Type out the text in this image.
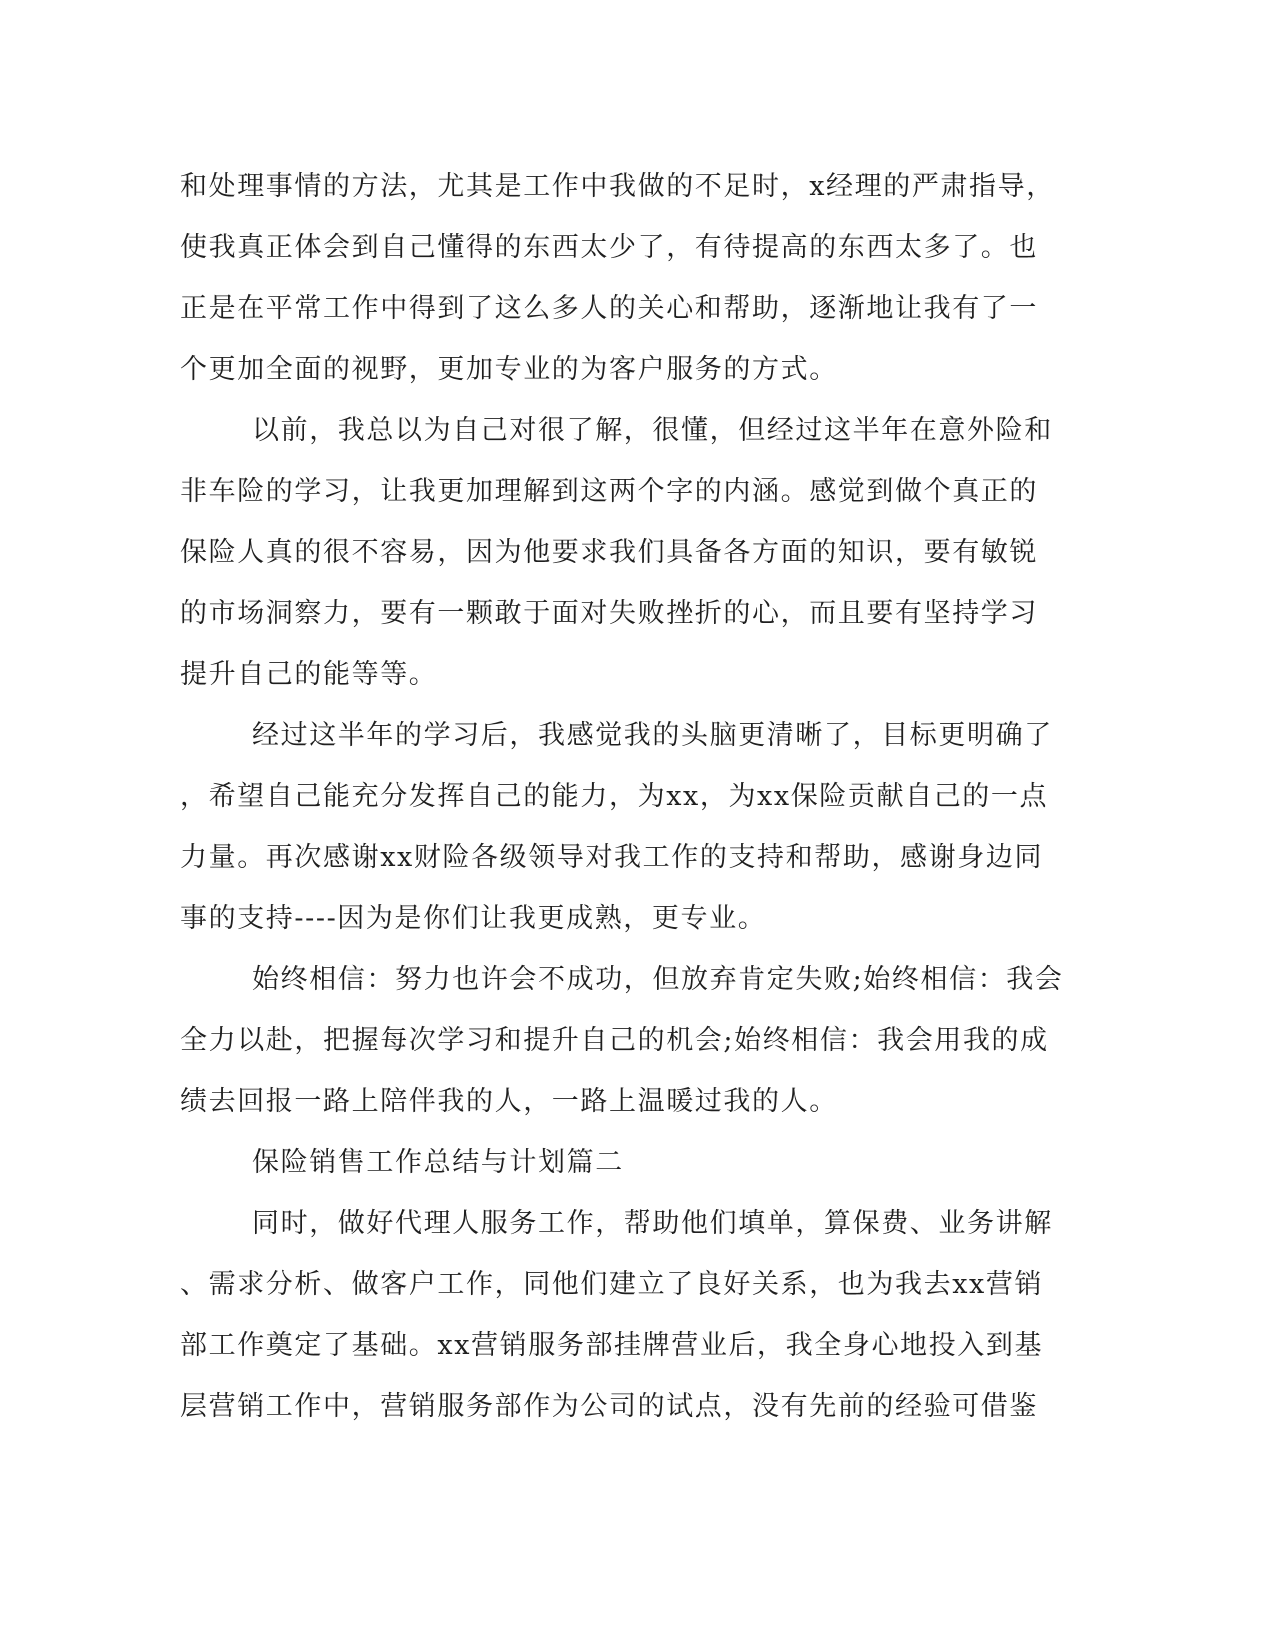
和处理事情的方法，尤其是工作中我做的不足时，x经理的严肃指导，
使我真正体会到自己懂得的东西太少了，有待提高的东西太多了。也
正是在平常工作中得到了这么多人的关心和帮助，逐渐地让我有了一
个更加全面的视野，更加专业的为客户服务的方式。
以前，我总以为自己对很了解，很懂，但经过这半年在意外险和
非车险的学习，让我更加理解到这两个字的内涵。感觉到做个真正的
保险人真的很不容易，因为他要求我们具备各方面的知识，要有敏锐
的市场洞察力，要有一颗敢于面对失败挫折的心，而且要有坚持学习
提升自己的能等等。
经过这半年的学习后，我感觉我的头脑更清晰了，目标更明确了
，希望自己能充分发挥自己的能力，为xx，为xx保险贡献自己的一点
力量。再次感谢xx财险各级领导对我工作的支持和帮助，感谢身边同
事的支持----因为是你们让我更成熟，更专业。
始终相信：努力也许会不成功，但放弃肯定失败;始终相信：我会
全力以赴，把握每次学习和提升自己的机会;始终相信：我会用我的成
绩去回报一路上陪伴我的人，一路上温暖过我的人。
保险销售工作总结与计划篇二
同时，做好代理人服务工作，帮助他们填单，算保费、业务讲解
、需求分析、做客户工作，同他们建立了良好关系，也为我去xx营销
部工作奠定了基础。xx营销服务部挂牌营业后，我全身心地投入到基
层营销工作中，营销服务部作为公司的试点，没有先前的经验可借鉴
